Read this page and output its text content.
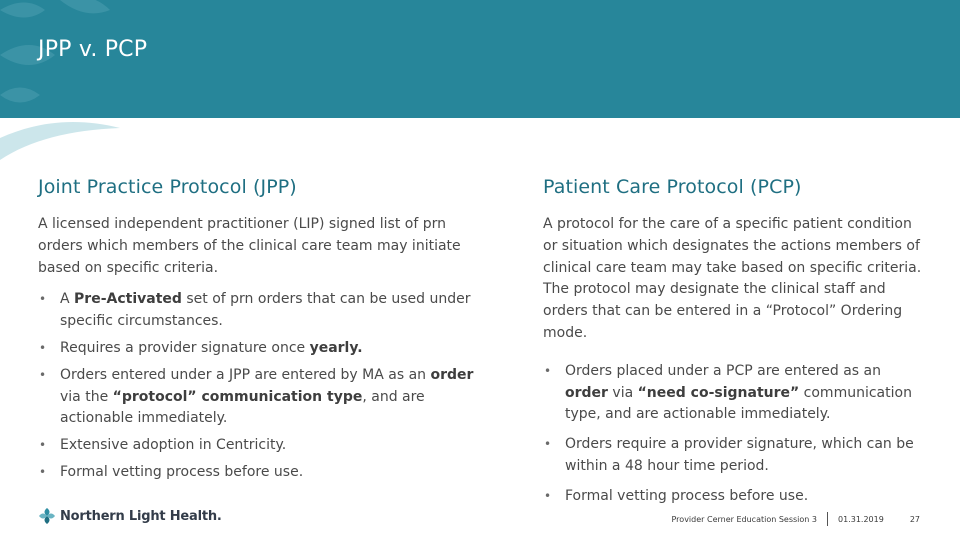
JPP v. PCP
Joint Practice Protocol (JPP)

A licensed independent practitioner (LIP) signed list of prn orders which members of the clinical care team may initiate based on specific criteria.

• A Pre-Activated set of prn orders that can be used under specific circumstances.
• Requires a provider signature once yearly.
• Orders entered under a JPP are entered by MA as an order via the “protocol” communication type, and are actionable immediately.
• Extensive adoption in Centricity.
• Formal vetting process before use.
Patient Care Protocol (PCP)

A protocol for the care of a specific patient condition or situation which designates the actions members of clinical care team may take based on specific criteria. The protocol may designate the clinical staff and orders that can be entered in a “Protocol” Ordering mode.

• Orders placed under a PCP are entered as an order via “need co-signature” communication type, and are actionable immediately.
• Orders require a provider signature, which can be within a 48 hour time period.
• Formal vetting process before use.
Northern Light Health.	Provider Cerner Education Session 3	01.31.2019	27
